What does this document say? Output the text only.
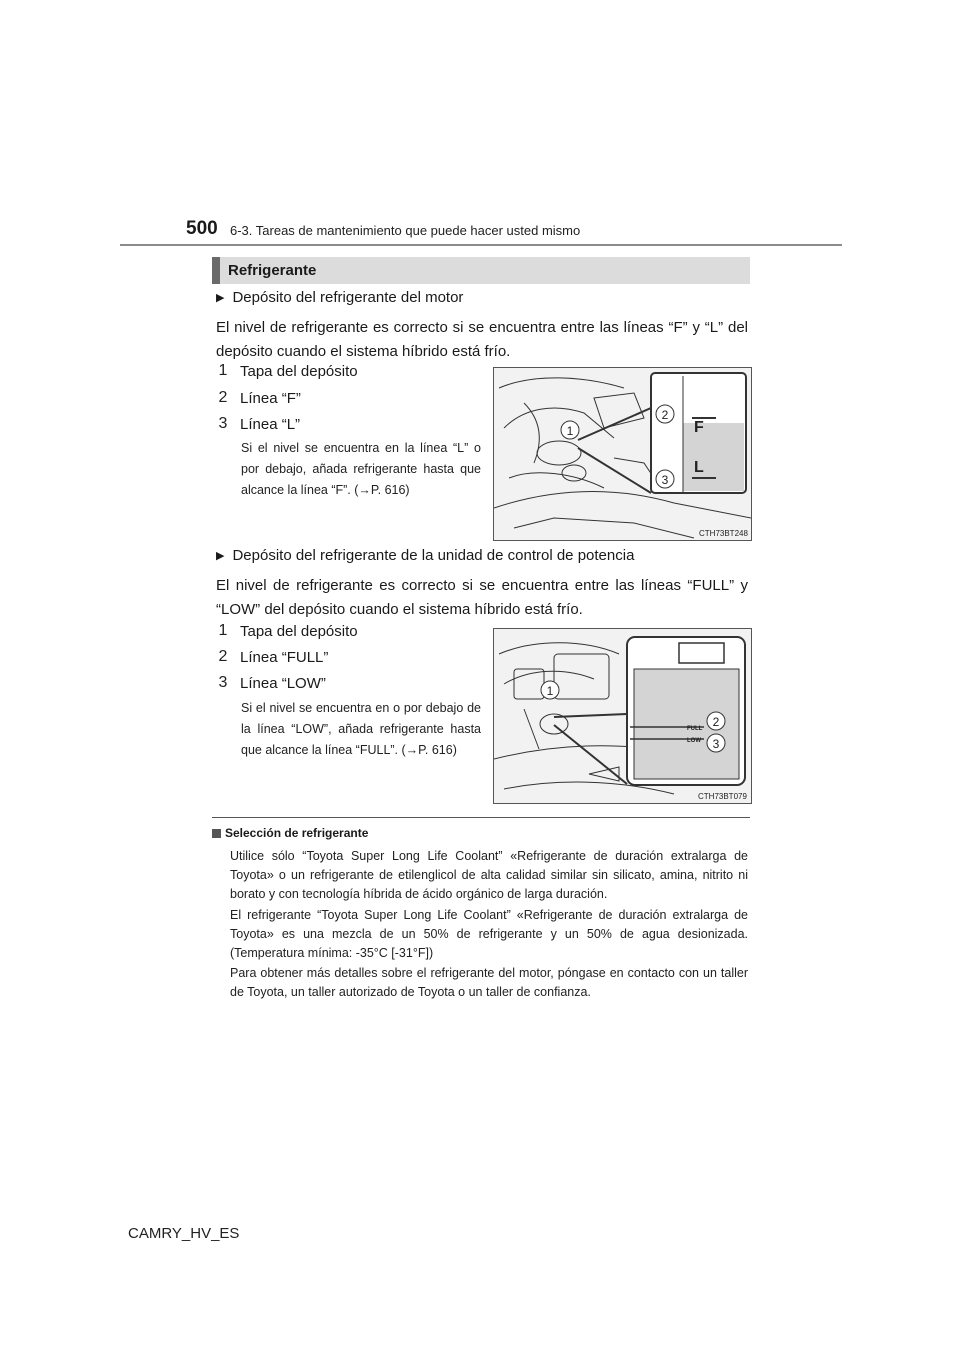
500 6-3. Tareas de mantenimiento que puede hacer usted mismo
Refrigerante
▶ Depósito del refrigerante del motor
El nivel de refrigerante es correcto si se encuentra entre las líneas “F” y “L” del depósito cuando el sistema híbrido está frío.
1 Tapa del depósito
2 Línea “F”
3 Línea “L”
Si el nivel se encuentra en la línea “L” o por debajo, añada refrigerante hasta que alcance la línea “F”. (→P. 616)
1
2
3
F
L
CTH73BT248
▶ Depósito del refrigerante de la unidad de control de potencia
El nivel de refrigerante es correcto si se encuentra entre las líneas “FULL” y “LOW” del depósito cuando el sistema híbrido está frío.
1 Tapa del depósito
2 Línea “FULL”
3 Línea “LOW”
Si el nivel se encuentra en o por debajo de la línea “LOW”, añada refrigerante hasta que alcance la línea “FULL”. (→P. 616)
1
2
3
FULL
LOW
CTH73BT079
Selección de refrigerante
Utilice sólo “Toyota Super Long Life Coolant” «Refrigerante de duración extralarga de Toyota» o un refrigerante de etilenglicol de alta calidad similar sin silicato, amina, nitrito ni borato y con tecnología híbrida de ácido orgánico de larga duración.
El refrigerante “Toyota Super Long Life Coolant” «Refrigerante de duración extralarga de Toyota» es una mezcla de un 50% de refrigerante y un 50% de agua desionizada. (Temperatura mínima: -35°C [-31°F])
Para obtener más detalles sobre el refrigerante del motor, póngase en contacto con un taller de Toyota, un taller autorizado de Toyota o un taller de confianza.
CAMRY_HV_ES
